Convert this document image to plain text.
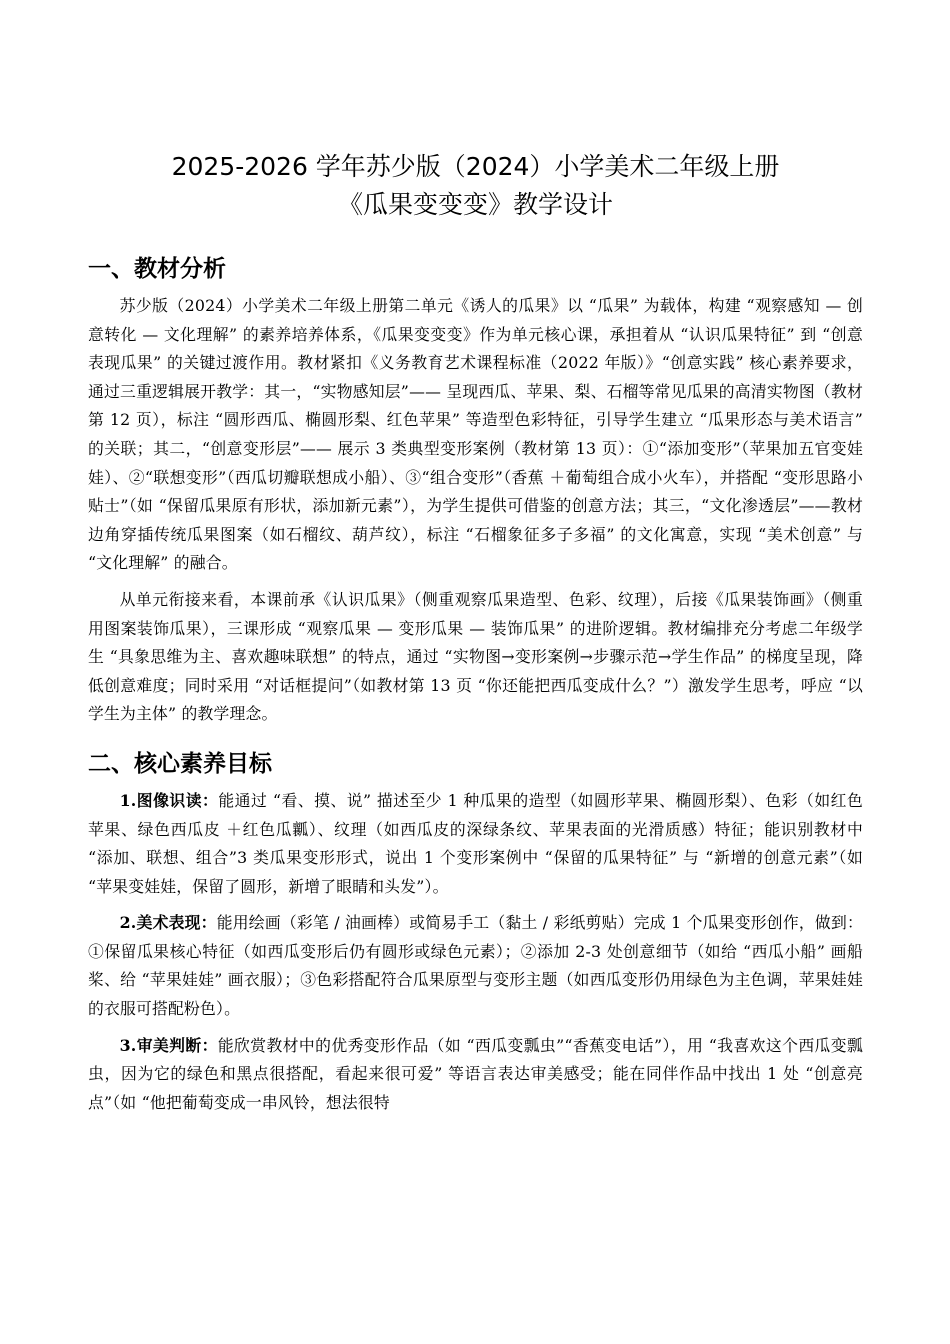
2025-2026 学年苏少版（2024）小学美术二年级上册
《瓜果变变变》教学设计
一、教材分析

苏少版（2024）小学美术二年级上册第二单元《诱人的瓜果》以 “瓜果” 为载体，构建 “观察感知 — 创意转化 — 文化理解” 的素养培养体系，《瓜果变变变》作为单元核心课，承担着从 “认识瓜果特征” 到 “创意表现瓜果” 的关键过渡作用。教材紧扣《义务教育艺术课程标准（2022 年版）》“创意实践” 核心素养要求，通过三重逻辑展开教学：其一，“实物感知层”—— 呈现西瓜、苹果、梨、石榴等常见瓜果的高清实物图（教材第 12 页），标注 “圆形西瓜、椭圆形梨、红色苹果” 等造型色彩特征，引导学生建立 “瓜果形态与美术语言” 的关联；其二，“创意变形层”—— 展示 3 类典型变形案例（教材第 13 页）：①“添加变形”（苹果加五官变娃娃）、②“联想变形”（西瓜切瓣联想成小船）、③“组合变形”（香蕉 ＋葡萄组合成小火车），并搭配 “变形思路小贴士”（如 “保留瓜果原有形状，添加新元素”），为学生提供可借鉴的创意方法；其三，“文化渗透层”——教材边角穿插传统瓜果图案（如石榴纹、葫芦纹），标注 “石榴象征多子多福” 的文化寓意，实现 “美术创意” 与 “文化理解” 的融合。

从单元衔接来看，本课前承《认识瓜果》（侧重观察瓜果造型、色彩、纹理），后接《瓜果装饰画》（侧重用图案装饰瓜果），三课形成 “观察瓜果 — 变形瓜果 — 装饰瓜果” 的进阶逻辑。教材编排充分考虑二年级学生 “具象思维为主、喜欢趣味联想” 的特点，通过 “实物图→变形案例→步骤示范→学生作品” 的梯度呈现，降低创意难度；同时采用 “对话框提问”（如教材第 13 页 “你还能把西瓜变成什么？”）激发学生思考，呼应 “以学生为主体” 的教学理念。

二、核心素养目标

1.图像识读：能通过 “看、摸、说” 描述至少 1 种瓜果的造型（如圆形苹果、椭圆形梨）、色彩（如红色苹果、绿色西瓜皮 ＋红色瓜瓤）、纹理（如西瓜皮的深绿条纹、苹果表面的光滑质感）特征；能识别教材中 “添加、联想、组合”3 类瓜果变形形式，说出 1 个变形案例中 “保留的瓜果特征” 与 “新增的创意元素”（如 “苹果变娃娃，保留了圆形，新增了眼睛和头发”）。

2.美术表现：能用绘画（彩笔 / 油画棒）或简易手工（黏土 / 彩纸剪贴）完成 1 个瓜果变形创作，做到：①保留瓜果核心特征（如西瓜变形后仍有圆形或绿色元素）；②添加 2-3 处创意细节（如给 “西瓜小船” 画船桨、给 “苹果娃娃” 画衣服）；③色彩搭配符合瓜果原型与变形主题（如西瓜变形仍用绿色为主色调，苹果娃娃的衣服可搭配粉色）。

3.审美判断：能欣赏教材中的优秀变形作品（如 “西瓜变瓢虫”“香蕉变电话”），用 “我喜欢这个西瓜变瓢虫，因为它的绿色和黑点很搭配，看起来很可爱” 等语言表达审美感受；能在同伴作品中找出 1 处 “创意亮点”（如 “他把葡萄变成一串风铃，想法很特
